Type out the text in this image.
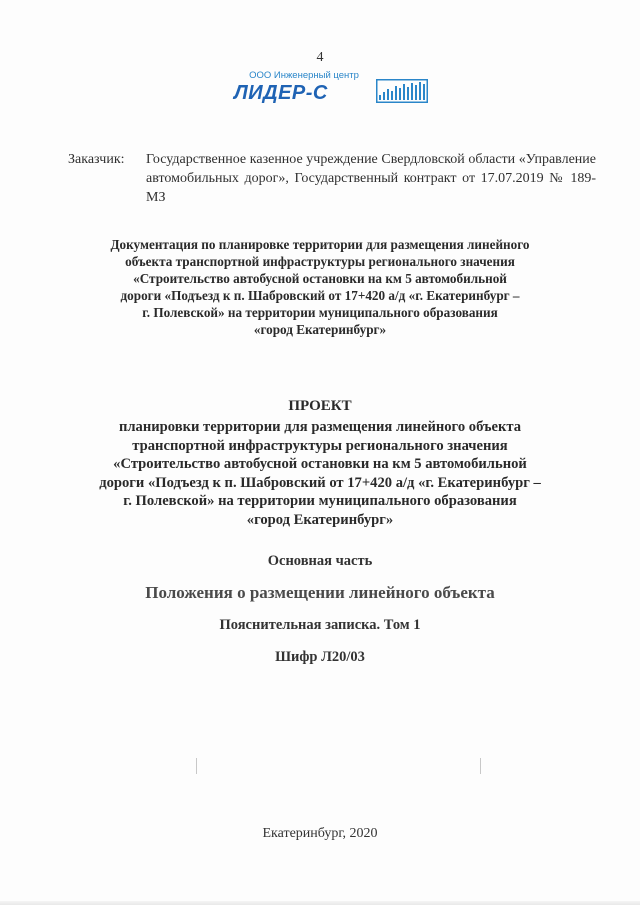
4
ООО Инженерный центр
ЛИДЕР-С
Заказчик: Государственное казенное учреждение Свердловской области «Управление автомобильных дорог», Государственный контракт от 17.07.2019 № 189-МЗ
Документация по планировке территории для размещения линейного
объекта транспортной инфраструктуры регионального значения
«Строительство автобусной остановки на км 5 автомобильной
дороги «Подъезд к п. Шабровский от 17+420 а/д «г. Екатеринбург –
г. Полевской» на территории муниципального образования
«город Екатеринбург»
ПРОЕКТ
планировки территории для размещения линейного объекта
транспортной инфраструктуры регионального значения
«Строительство автобусной остановки на км 5 автомобильной
дороги «Подъезд к п. Шабровский от 17+420 а/д «г. Екатеринбург –
г. Полевской» на территории муниципального образования
«город Екатеринбург»
Основная часть
Положения о размещении линейного объекта
Пояснительная записка. Том 1
Шифр Л20/03
Екатеринбург, 2020
